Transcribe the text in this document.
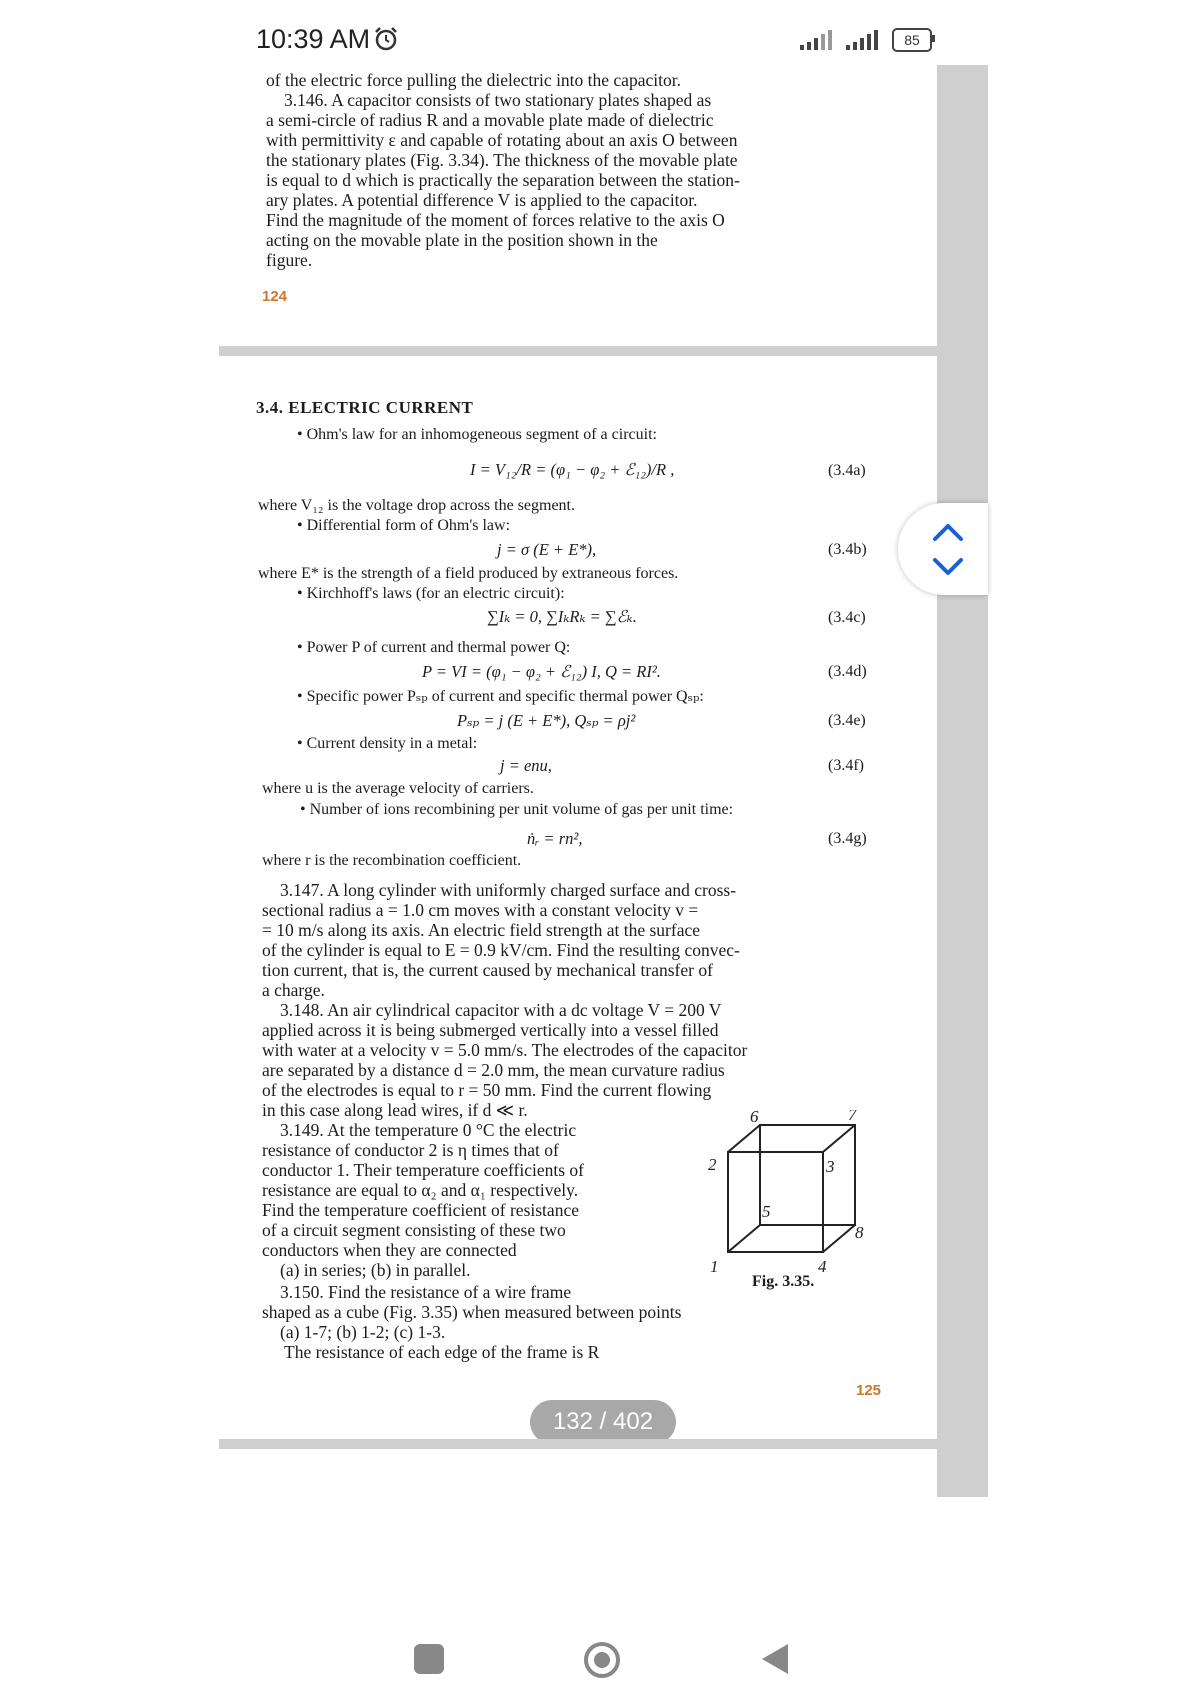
10:39 AM	85
of the electric force pulling the dielectric into the capacitor.
3.146. A capacitor consists of two stationary plates shaped as
a semi-circle of radius R and a movable plate made of dielectric
with permittivity ε and capable of rotating about an axis O between
the stationary plates (Fig. 3.34). The thickness of the movable plate
is equal to d which is practically the separation between the station-
ary plates. A potential difference V is applied to the capacitor.
Find the magnitude of the moment of forces relative to the axis O
acting on the movable plate in the position shown in the
figure.
124
3.4. ELECTRIC CURRENT
• Ohm's law for an inhomogeneous segment of a circuit:
I = V₁₂/R = (φ₁ − φ₂ + ℰ₁₂)/R ,	(3.4a)
where V₁₂ is the voltage drop across the segment.
• Differential form of Ohm's law:
j = σ (E + E*),	(3.4b)
where E* is the strength of a field produced by extraneous forces.
• Kirchhoff's laws (for an electric circuit):
∑Iₖ = 0, ∑IₖRₖ = ∑ℰₖ.	(3.4c)
• Power P of current and thermal power Q:
P = VI = (φ₁ − φ₂ + ℰ₁₂) I, Q = RI².	(3.4d)
• Specific power Pₛₚ of current and specific thermal power Qₛₚ:
Pₛₚ = j (E + E*), Qₛₚ = ρj²	(3.4e)
• Current density in a metal:
j = enu,	(3.4f)
where u is the average velocity of carriers.
• Number of ions recombining per unit volume of gas per unit time:
ṅᵣ = rn²,	(3.4g)
where r is the recombination coefficient.
3.147. A long cylinder with uniformly charged surface and cross-
sectional radius a = 1.0 cm moves with a constant velocity v =
= 10 m/s along its axis. An electric field strength at the surface
of the cylinder is equal to E = 0.9 kV/cm. Find the resulting convec-
tion current, that is, the current caused by mechanical transfer of
a charge.
3.148. An air cylindrical capacitor with a dc voltage V = 200 V
applied across it is being submerged vertically into a vessel filled
with water at a velocity v = 5.0 mm/s. The electrodes of the capacitor
are separated by a distance d = 2.0 mm, the mean curvature radius
of the electrodes is equal to r = 50 mm. Find the current flowing
in this case along lead wires, if d ≪ r.
3.149. At the temperature 0 °C the electric
resistance of conductor 2 is η times that of
conductor 1. Their temperature coefficients of
resistance are equal to α₂ and α₁ respectively.
Find the temperature coefficient of resistance
of a circuit segment consisting of these two
conductors when they are connected
(a) in series; (b) in parallel.
3.150. Find the resistance of a wire frame
shaped as a cube (Fig. 3.35) when measured between points
(a) 1-7; (b) 1-2; (c) 1-3.
The resistance of each edge of the frame is R
2
1	4
3
5
6	7
8
Fig. 3.35.
125
132 / 402
